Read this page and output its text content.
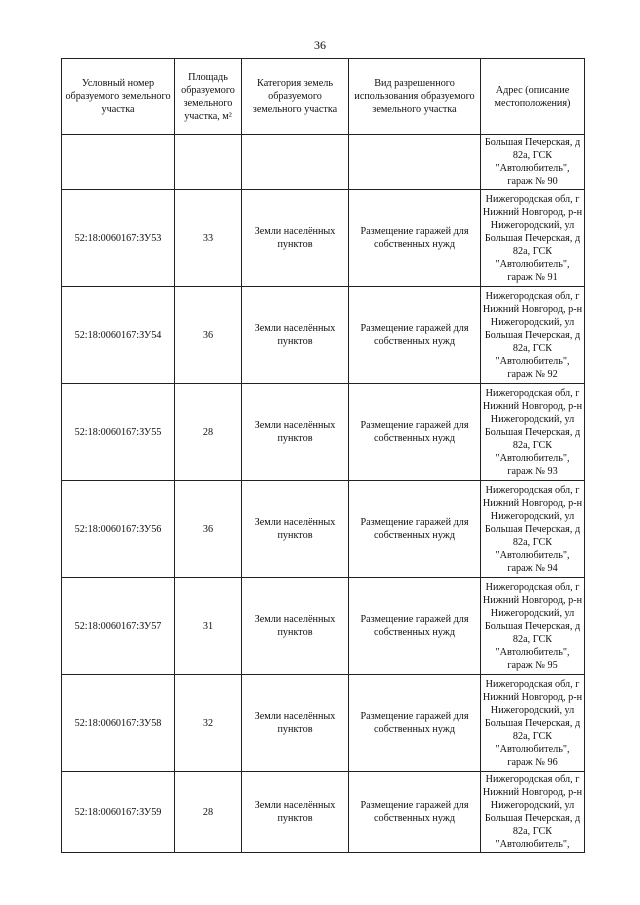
36
Условный номер образуемого земельного участка	Площадь образуемого земельного участка, м²	Категория земель образуемого земельного участка	Вид разрешенного использования образуемого земельного участка	Адрес (описание местоположения)
				Большая Печерская, д 82а, ГСК "Автолюбитель", гараж № 90
52:18:0060167:ЗУ53	33	Земли населённых пунктов	Размещение гаражей для собственных нужд	Нижегородская обл, г Нижний Новгород, р-н Нижегородский, ул Большая Печерская, д 82а, ГСК "Автолюбитель", гараж № 91
52:18:0060167:ЗУ54	36	Земли населённых пунктов	Размещение гаражей для собственных нужд	Нижегородская обл, г Нижний Новгород, р-н Нижегородский, ул Большая Печерская, д 82а, ГСК "Автолюбитель", гараж № 92
52:18:0060167:ЗУ55	28	Земли населённых пунктов	Размещение гаражей для собственных нужд	Нижегородская обл, г Нижний Новгород, р-н Нижегородский, ул Большая Печерская, д 82а, ГСК "Автолюбитель", гараж № 93
52:18:0060167:ЗУ56	36	Земли населённых пунктов	Размещение гаражей для собственных нужд	Нижегородская обл, г Нижний Новгород, р-н Нижегородский, ул Большая Печерская, д 82а, ГСК "Автолюбитель", гараж № 94
52:18:0060167:ЗУ57	31	Земли населённых пунктов	Размещение гаражей для собственных нужд	Нижегородская обл, г Нижний Новгород, р-н Нижегородский, ул Большая Печерская, д 82а, ГСК "Автолюбитель", гараж № 95
52:18:0060167:ЗУ58	32	Земли населённых пунктов	Размещение гаражей для собственных нужд	Нижегородская обл, г Нижний Новгород, р-н Нижегородский, ул Большая Печерская, д 82а, ГСК "Автолюбитель", гараж № 96
52:18:0060167:ЗУ59	28	Земли населённых пунктов	Размещение гаражей для собственных нужд	Нижегородская обл, г Нижний Новгород, р-н Нижегородский, ул Большая Печерская, д 82а, ГСК "Автолюбитель",
